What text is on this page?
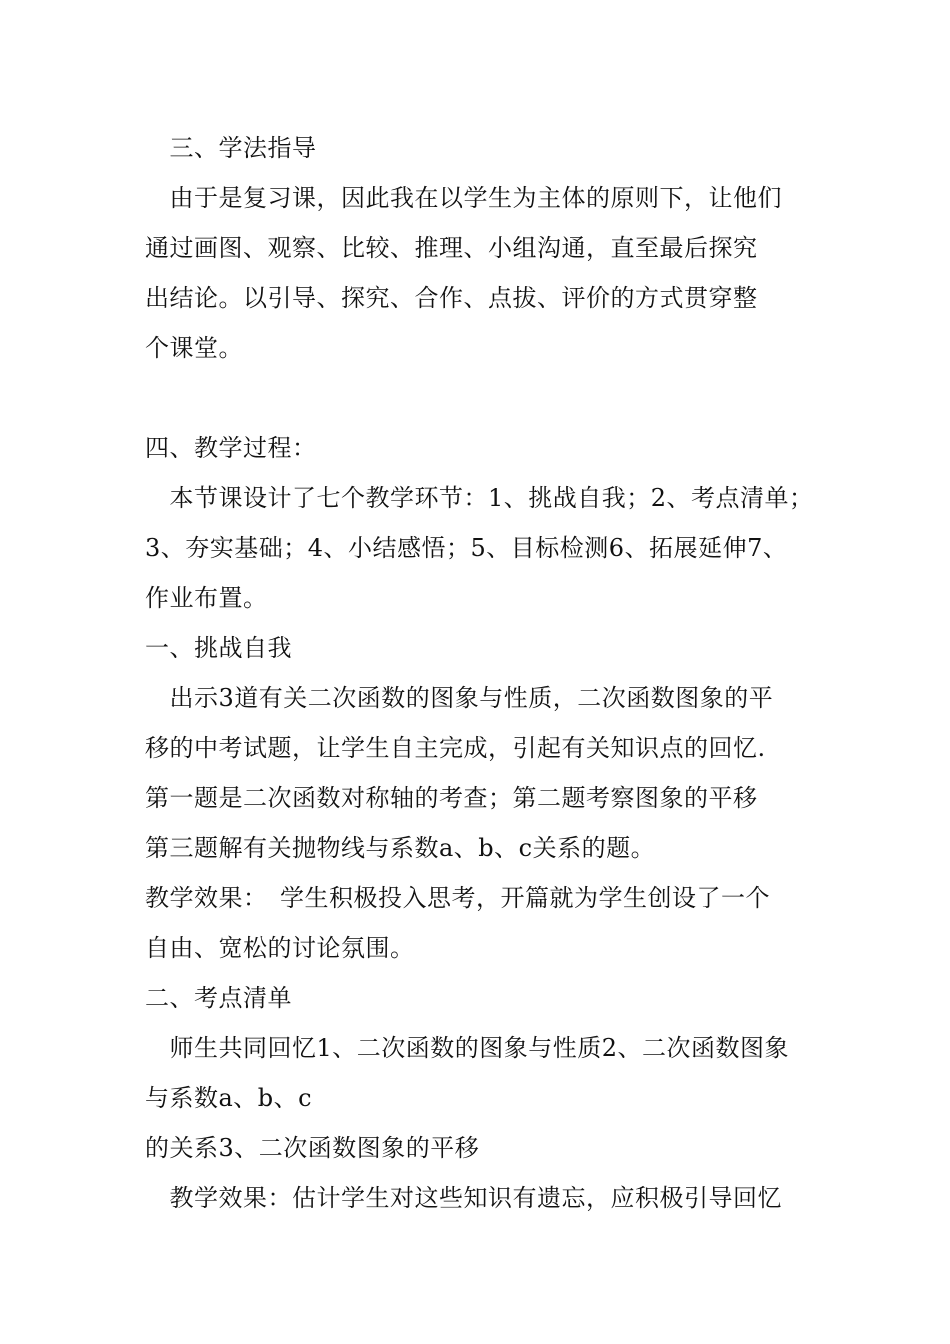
　三、学法指导
　由于是复习课，因此我在以学生为主体的原则下，让他们
通过画图、观察、比较、推理、小组沟通，直至最后探究
出结论。以引导、探究、合作、点拔、评价的方式贯穿整
个课堂。
四、教学过程：
　本节课设计了七个教学环节：1、挑战自我；2、考点清单；
3、夯实基础；4、小结感悟；5、目标检测6、拓展延伸7、
作业布置。
一、挑战自我
　出示3道有关二次函数的图象与性质，二次函数图象的平
移的中考试题，让学生自主完成，引起有关知识点的回忆.
第一题是二次函数对称轴的考查；第二题考察图象的平移
第三题解有关抛物线与系数a、b、c关系的题。
教学效果：　学生积极投入思考，开篇就为学生创设了一个
自由、宽松的讨论氛围。
二、考点清单
　师生共同回忆1、二次函数的图象与性质2、二次函数图象
与系数a、b、c
的关系3、二次函数图象的平移
　教学效果：估计学生对这些知识有遗忘，应积极引导回忆
